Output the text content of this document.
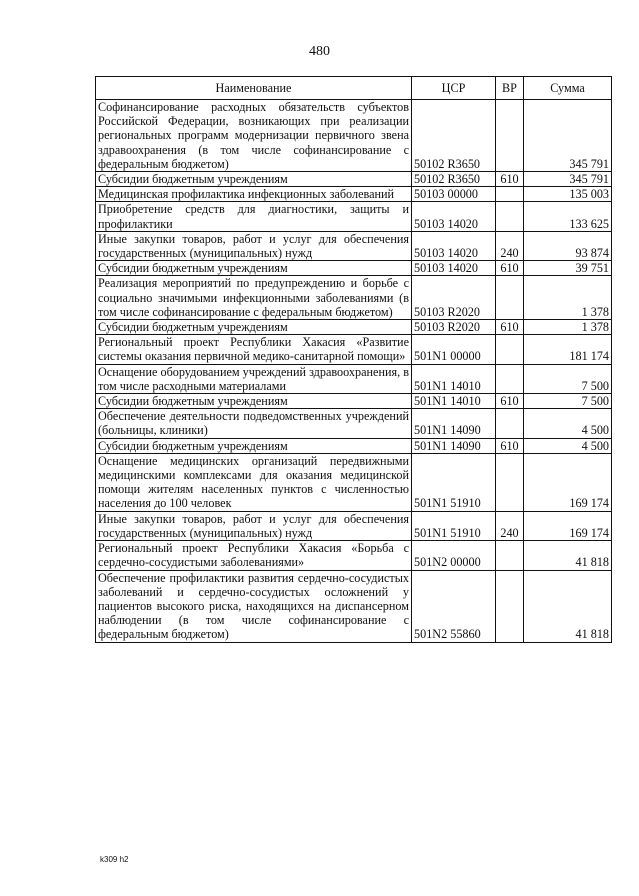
480
Наименование	ЦСР	ВР	Сумма
Софинансирование расходных обязательств субъектов Российской Федерации, возникающих при реализации региональных программ модернизации первичного звена здравоохранения (в том числе софинансирование с федеральным бюджетом)	50102 R3650		345 791
Субсидии бюджетным учреждениям	50102 R3650	610	345 791
Медицинская профилактика инфекционных заболеваний	50103 00000		135 003
Приобретение средств для диагностики, защиты и профилактики	50103 14020		133 625
Иные закупки товаров, работ и услуг для обеспечения государственных (муниципальных) нужд	50103 14020	240	93 874
Субсидии бюджетным учреждениям	50103 14020	610	39 751
Реализация мероприятий по предупреждению и борьбе с социально значимыми инфекционными заболеваниями (в том числе софинансирование с федеральным бюджетом)	50103 R2020		1 378
Субсидии бюджетным учреждениям	50103 R2020	610	1 378
Региональный проект Республики Хакасия «Развитие системы оказания первичной медико-санитарной помощи»	501N1 00000		181 174
Оснащение оборудованием учреждений здравоохранения, в том числе расходными материалами	501N1 14010		7 500
Субсидии бюджетным учреждениям	501N1 14010	610	7 500
Обеспечение деятельности подведомственных учреждений (больницы, клиники)	501N1 14090		4 500
Субсидии бюджетным учреждениям	501N1 14090	610	4 500
Оснащение медицинских организаций передвижными медицинскими комплексами для оказания медицинской помощи жителям населенных пунктов с численностью населения до 100 человек	501N1 51910		169 174
Иные закупки товаров, работ и услуг для обеспечения государственных (муниципальных) нужд	501N1 51910	240	169 174
Региональный проект Республики Хакасия «Борьба с сердечно-сосудистыми заболеваниями»	501N2 00000		41 818
Обеспечение профилактики развития сердечно-сосудистых заболеваний и сердечно-сосудистых осложнений у пациентов высокого риска, находящихся на диспансерном наблюдении (в том числе софинансирование с федеральным бюджетом)	501N2 55860		41 818
k309 h2
